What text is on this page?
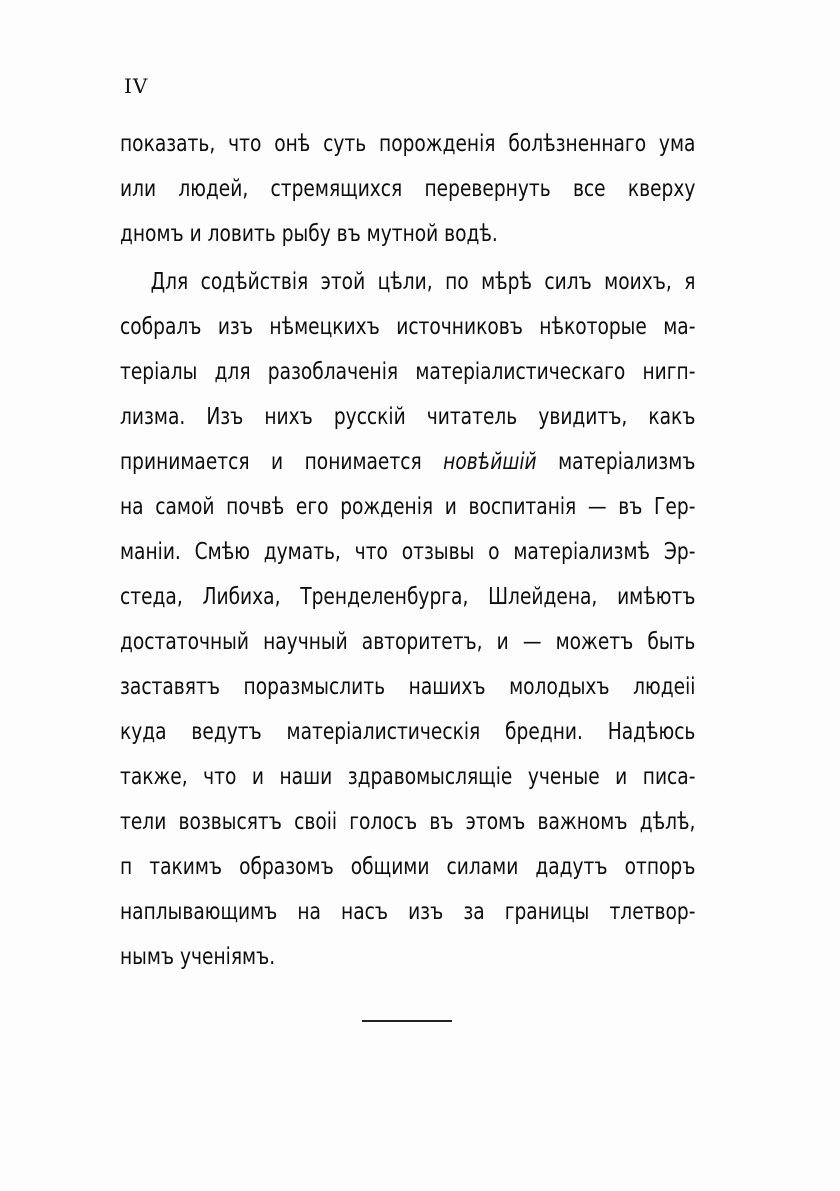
IV
показать, что онѣ суть порожденія болѣзненнаго ума
или людей, стремящихся перевернуть все кверху
дномъ и ловить рыбу въ мутной водѣ.
Для содѣйствія этой цѣли, по мѣрѣ силъ моихъ, я
собралъ изъ нѣмецкихъ источниковъ нѣкоторые ма-
теріалы для разоблаченія матеріалистическаго нигп-
лизма. Изъ нихъ русскій читатель увидитъ, какъ
принимается и понимается новѣйшій матеріализмъ
на самой почвѣ его рожденія и воспитанія — въ Гер-
маніи. Смѣю думать, что отзывы о матеріализмѣ Эр-
стеда, Либиха, Тренделенбурга, Шлейдена, имѣютъ
достаточный научный авторитетъ, и — можетъ быть
заставятъ поразмыслить нашихъ молодыхъ людеіі
куда ведутъ матеріалистическія бредни. Надѣюсь
также, что и наши здравомыслящіе ученые и писа-
тели возвысятъ своіі голосъ въ этомъ важномъ дѣлѣ,
п такимъ образомъ общими силами дадутъ отпоръ
наплывающимъ на насъ изъ за границы тлетвор-
нымъ ученіямъ.
